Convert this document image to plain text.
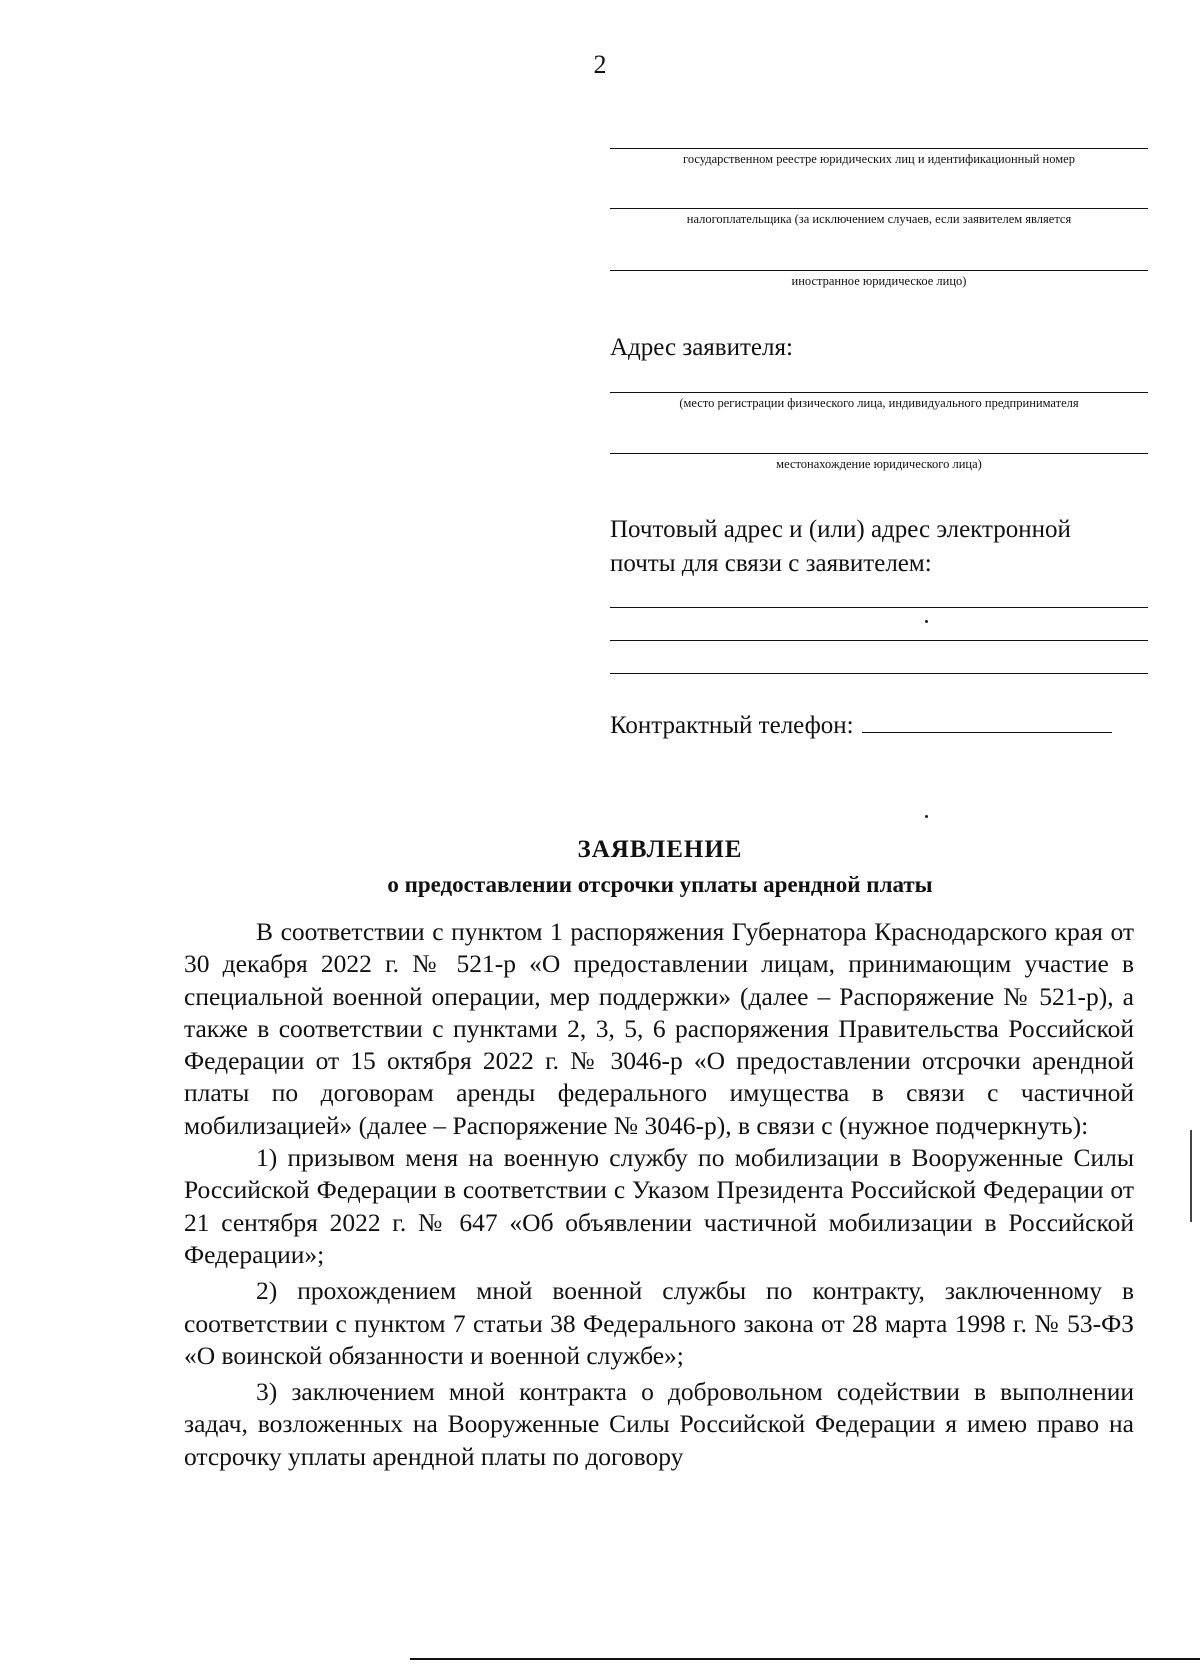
2
государственном реестре юридических лиц и идентификационный номер
налогоплательщика (за исключением случаев, если заявителем является
иностранное юридическое лицо)
Адрес заявителя:
(место регистрации физического лица, индивидуального предпринимателя
местонахождение юридического лица)
Почтовый адрес и (или) адрес электронной
почты для связи с заявителем:
Контрактный телефон:
ЗАЯВЛЕНИЕ
о предоставлении отсрочки уплаты арендной платы

В соответствии с пунктом 1 распоряжения Губернатора Краснодарского края от 30 декабря 2022 г. № 521-р «О предоставлении лицам, принимающим участие в специальной военной операции, мер поддержки» (далее – Распоряжение № 521-р), а также в соответствии с пунктами 2, 3, 5, 6 распоряжения Правительства Российской Федерации от 15 октября 2022 г. № 3046-р «О предоставлении отсрочки арендной платы по договорам аренды федерального имущества в связи с частичной мобилизацией» (далее – Распоряжение № 3046-р), в связи с (нужное подчеркнуть):

1) призывом меня на военную службу по мобилизации в Вооруженные Силы Российской Федерации в соответствии с Указом Президента Российской Федерации от 21 сентября 2022 г. № 647 «Об объявлении частичной мобилизации в Российской Федерации»;

2) прохождением мной военной службы по контракту, заключенному в соответствии с пунктом 7 статьи 38 Федерального закона от 28 марта 1998 г. № 53-ФЗ «О воинской обязанности и военной службе»;

3) заключением мной контракта о добровольном содействии в выполнении задач, возложенных на Вооруженные Силы Российской Федерации я имею право на отсрочку уплаты арендной платы по договору
